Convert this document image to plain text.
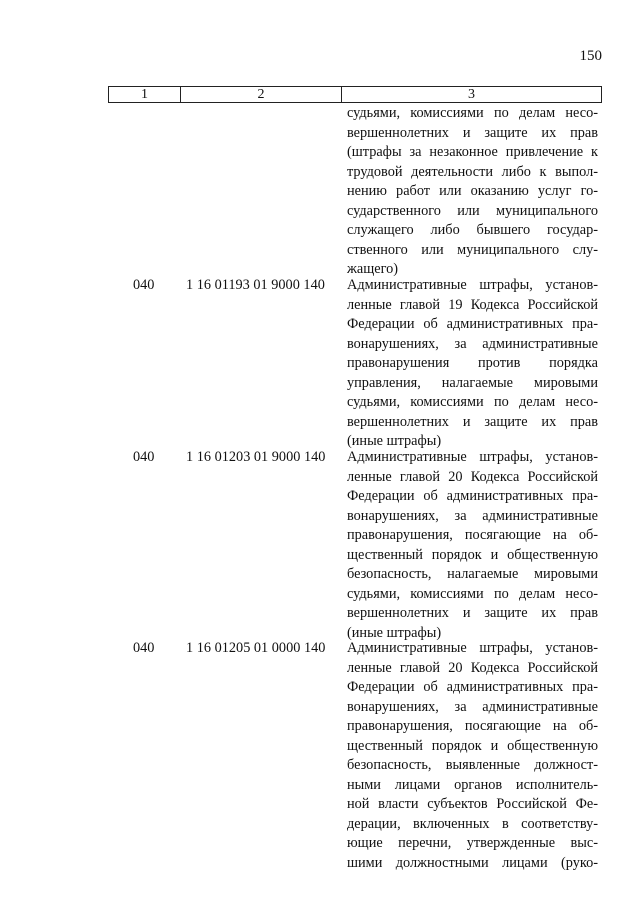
150
1	2	3
судьями, комиссиями по делам несо-
вершеннолетних и защите их прав
(штрафы за незаконное привлечение к
трудовой деятельности либо к выпол-
нению работ или оказанию услуг го-
сударственного или муниципального
служащего либо бывшего государ-
ственного или муниципального слу-
жащего)
040	1 16 01193 01 9000 140	Административные штрафы, установ-
ленные главой 19 Кодекса Российской
Федерации об административных пра-
вонарушениях, за административные
правонарушения против порядка
управления, налагаемые мировыми
судьями, комиссиями по делам несо-
вершеннолетних и защите их прав
(иные штрафы)
040	1 16 01203 01 9000 140	Административные штрафы, установ-
ленные главой 20 Кодекса Российской
Федерации об административных пра-
вонарушениях, за административные
правонарушения, посягающие на об-
щественный порядок и общественную
безопасность, налагаемые мировыми
судьями, комиссиями по делам несо-
вершеннолетних и защите их прав
(иные штрафы)
040	1 16 01205 01 0000 140	Административные штрафы, установ-
ленные главой 20 Кодекса Российской
Федерации об административных пра-
вонарушениях, за административные
правонарушения, посягающие на об-
щественный порядок и общественную
безопасность, выявленные должност-
ными лицами органов исполнитель-
ной власти субъектов Российской Фе-
дерации, включенных в соответству-
ющие перечни, утвержденные выс-
шими должностными лицами (руко-
